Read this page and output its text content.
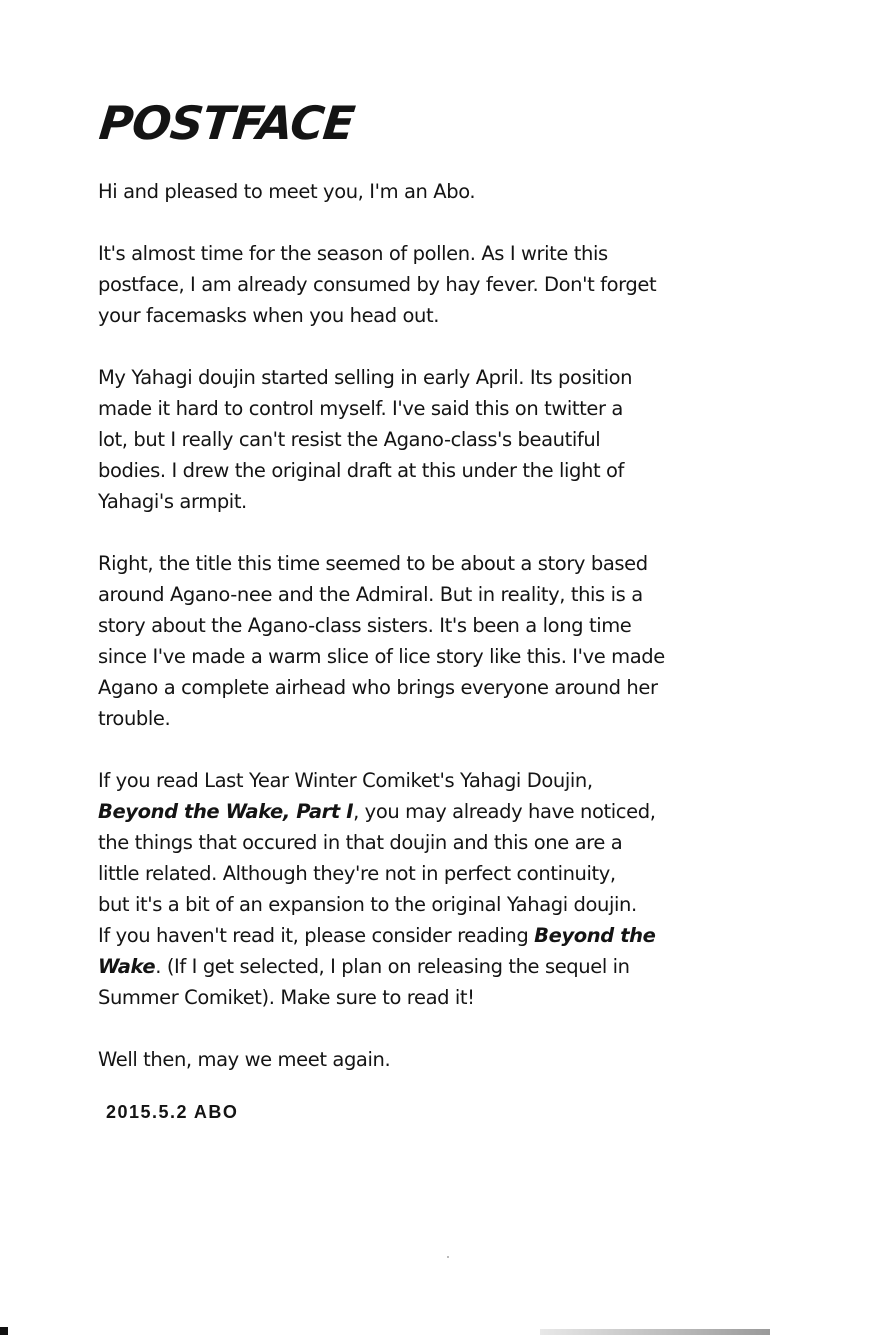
POSTFACE

Hi and pleased to meet you, I'm an Abo.

It's almost time for the season of pollen. As I write this
postface, I am already consumed by hay fever. Don't forget
your facemasks when you head out.

My Yahagi doujin started selling in early April. Its position
made it hard to control myself. I've said this on twitter a
lot, but I really can't resist the Agano-class's beautiful
bodies. I drew the original draft at this under the light of
Yahagi's armpit.

Right, the title this time seemed to be about a story based
around Agano-nee and the Admiral. But in reality, this is a
story about the Agano-class sisters. It's been a long time
since I've made a warm slice of lice story like this. I've made
Agano a complete airhead who brings everyone around her
trouble.

If you read Last Year Winter Comiket's Yahagi Doujin,
Beyond the Wake, Part I, you may already have noticed,
the things that occured in that doujin and this one are a
little related. Although they're not in perfect continuity,
but it's a bit of an expansion to the original Yahagi doujin.
If you haven't read it, please consider reading Beyond the
Wake. (If I get selected, I plan on releasing the sequel in
Summer Comiket). Make sure to read it!

Well then, may we meet again.

2015.5.2 ABO
